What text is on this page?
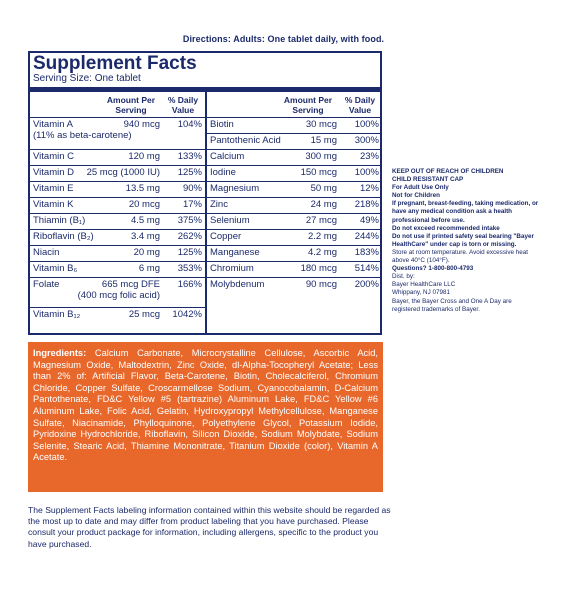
Directions: Adults: One tablet daily, with food.
Supplement Facts
Serving Size: One tablet
Amount Per Serving
% Daily Value
Vitamin A	940 mcg 104%
(11% as beta-carotene)
Vitamin C	120 mg 133%
Vitamin D 25 mcg (1000 IU) 125%
Vitamin E	13.5 mg 90%
Vitamin K	20 mcg 17%
Thiamin (B₁)	4.5 mg 375%
Riboflavin (B₂)	3.4 mg 262%
Niacin	20 mg 125%
Vitamin B₆	6 mg 353%
Folate	665 mcg DFE 166%
(400 mcg folic acid)
Vitamin B₁₂	25 mcg 1042%
Amount Per Serving
% Daily Value
Biotin	30 mcg 100%
Pantothenic Acid	15 mg 300%
Calcium	300 mg 23%
Iodine	150 mcg 100%
Magnesium	50 mg 12%
Zinc	24 mg 218%
Selenium	27 mcg 49%
Copper	2.2 mg 244%
Manganese	4.2 mg 183%
Chromium	180 mcg 514%
Molybdenum	90 mcg 200%
Ingredients: Calcium Carbonate, Microcrystalline Cellulose, Ascorbic Acid, Magnesium Oxide, Maltodextrin, Zinc Oxide, dl-Alpha-Tocopheryl Acetate; Less than 2% of: Artificial Flavor, Beta-Carotene, Biotin, Cholecalciferol, Chromium Chloride, Copper Sulfate, Croscarmellose Sodium, Cyanocobalamin, D-Calcium Pantothenate, FD&C Yellow #5 (tartrazine) Aluminum Lake, FD&C Yellow #6 Aluminum Lake, Folic Acid, Gelatin, Hydroxypropyl Methylcellulose, Manganese Sulfate, Niacinamide, Phylloquinone, Polyethylene Glycol, Potassium Iodide, Pyridoxine Hydrochloride, Riboflavin, Silicon Dioxide, Sodium Molybdate, Sodium Selenite, Stearic Acid, Thiamine Mononitrate, Titanium Dioxide (color), Vitamin A Acetate.
The Supplement Facts labeling information contained within this website should be regarded as the most up to date and may differ from product labeling that you have purchased. Please consult your product package for information, including allergens, specific to the product you have purchased.
KEEP OUT OF REACH OF CHILDREN
CHILD RESISTANT CAP
For Adult Use Only
Not for Children
If pregnant, breast-feeding, taking medication, or have any medical condition ask a health professional before use.
Do not exceed recommended intake
Do not use if printed safety seal bearing "Bayer HealthCare" under cap is torn or missing.
Store at room temperature. Avoid excessive heat above 40°C (104°F).
Questions? 1-800-800-4793
Dist. by:
Bayer HealthCare LLC
Whippany, NJ 07981
Bayer, the Bayer Cross and One A Day are registered trademarks of Bayer.
